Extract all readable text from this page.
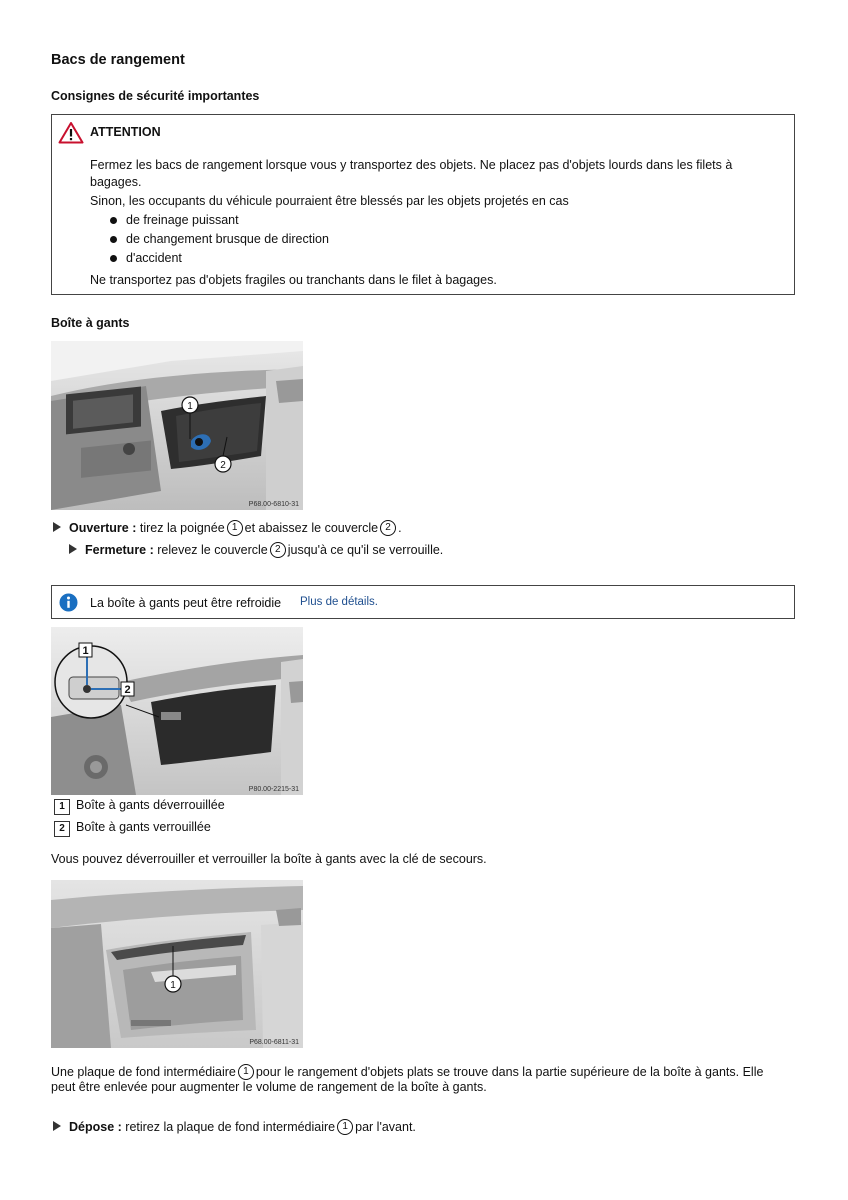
Bacs de rangement
Consignes de sécurité importantes
ATTENTION

Fermez les bacs de rangement lorsque vous y transportez des objets. Ne placez pas d'objets lourds dans les filets à bagages.

Sinon, les occupants du véhicule pourraient être blessés par les objets projetés en cas

de freinage puissant
de changement brusque de direction
d'accident

Ne transportez pas d'objets fragiles ou tranchants dans le filet à bagages.

Boîte à gants
1
2
P68.00-6810-31
Ouverture : tirez la poignée 1 et abaissez le couvercle 2 .
Fermeture : relevez le couvercle 2 jusqu'à ce qu'il se verrouille.
La boîte à gants peut être refroidie Plus de détails.
1
2
P80.00-2215-31
1 Boîte à gants déverrouillée
2 Boîte à gants verrouillée
Vous pouvez déverrouiller et verrouiller la boîte à gants avec la clé de secours.
1
P68.00-6811-31
Une plaque de fond intermédiaire 1 pour le rangement d'objets plats se trouve dans la partie supérieure de la boîte à gants. Elle
peut être enlevée pour augmenter le volume de rangement de la boîte à gants.
Dépose : retirez la plaque de fond intermédiaire 1 par l'avant.
